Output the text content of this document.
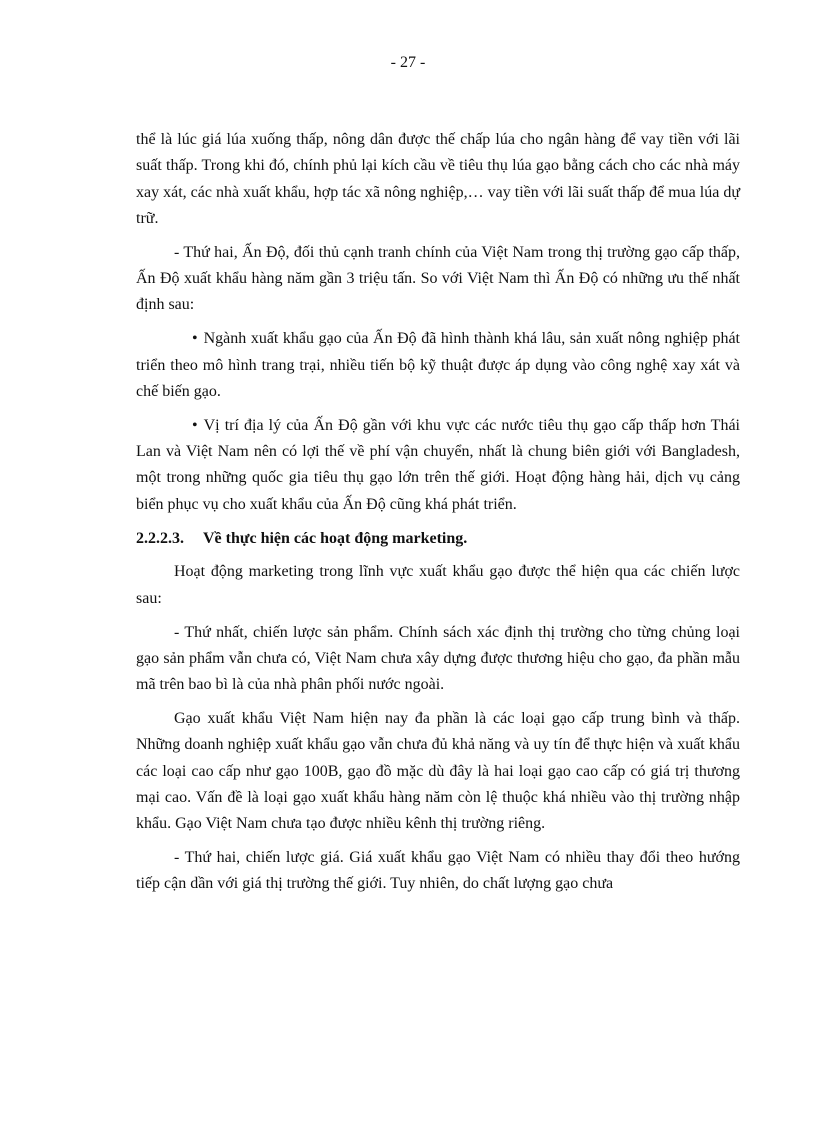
- 27 -

thể là lúc giá lúa xuống thấp, nông dân được thế chấp lúa cho ngân hàng để vay tiền với lãi suất thấp. Trong khi đó, chính phủ lại kích cầu về tiêu thụ lúa gạo bằng cách cho các nhà máy xay xát, các nhà xuất khẩu, hợp tác xã nông nghiệp,… vay tiền với lãi suất thấp để mua lúa dự trữ.

- Thứ hai, Ấn Độ, đối thủ cạnh tranh chính của Việt Nam trong thị trường gạo cấp thấp, Ấn Độ xuất khẩu hàng năm gần 3 triệu tấn. So với Việt Nam thì Ấn Độ có những ưu thế nhất định sau:

• Ngành xuất khẩu gạo của Ấn Độ đã hình thành khá lâu, sản xuất nông nghiệp phát triển theo mô hình trang trại, nhiều tiến bộ kỹ thuật được áp dụng vào công nghệ xay xát và chế biến gạo.

• Vị trí địa lý của Ấn Độ gần với khu vực các nước tiêu thụ gạo cấp thấp hơn Thái Lan và Việt Nam nên có lợi thế về phí vận chuyển, nhất là chung biên giới với Bangladesh, một trong những quốc gia tiêu thụ gạo lớn trên thế giới. Hoạt động hàng hải, dịch vụ cảng biển phục vụ cho xuất khẩu của Ấn Độ cũng khá phát triển.

2.2.2.3. Về thực hiện các hoạt động marketing.

Hoạt động marketing trong lĩnh vực xuất khẩu gạo được thể hiện qua các chiến lược sau:

- Thứ nhất, chiến lược sản phẩm. Chính sách xác định thị trường cho từng chủng loại gạo sản phẩm vẫn chưa có, Việt Nam chưa xây dựng được thương hiệu cho gạo, đa phần mẫu mã trên bao bì là của nhà phân phối nước ngoài.

Gạo xuất khẩu Việt Nam hiện nay đa phần là các loại gạo cấp trung bình và thấp. Những doanh nghiệp xuất khẩu gạo vẫn chưa đủ khả năng và uy tín để thực hiện và xuất khẩu các loại cao cấp như gạo 100B, gạo đồ mặc dù đây là hai loại gạo cao cấp có giá trị thương mại cao. Vấn đề là loại gạo xuất khẩu hàng năm còn lệ thuộc khá nhiều vào thị trường nhập khẩu. Gạo Việt Nam chưa tạo được nhiều kênh thị trường riêng.

- Thứ hai, chiến lược giá. Giá xuất khẩu gạo Việt Nam có nhiều thay đổi theo hướng tiếp cận dần với giá thị trường thế giới. Tuy nhiên, do chất lượng gạo chưa
